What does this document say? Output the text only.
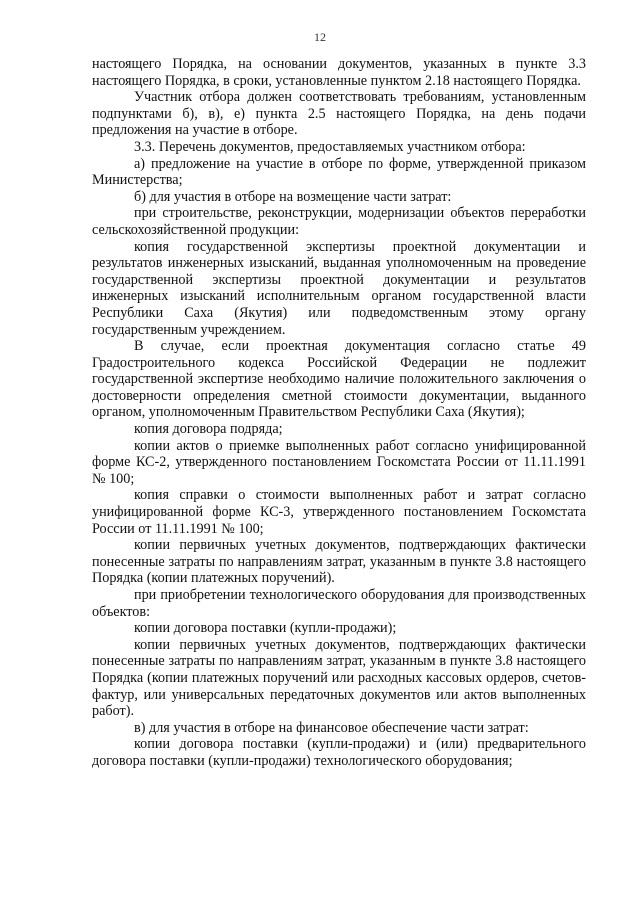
12

настоящего Порядка, на основании документов, указанных в пункте 3.3 настоящего Порядка, в сроки, установленные пунктом 2.18 настоящего Порядка.

Участник отбора должен соответствовать требованиям, установленным подпунктами б), в), е) пункта 2.5 настоящего Порядка, на день подачи предложения на участие в отборе.

3.3. Перечень документов, предоставляемых участником отбора:

а) предложение на участие в отборе по форме, утвержденной приказом Министерства;

б) для участия в отборе на возмещение части затрат:

при строительстве, реконструкции, модернизации объектов переработки сельскохозяйственной продукции:

копия государственной экспертизы проектной документации и результатов инженерных изысканий, выданная уполномоченным на проведение государственной экспертизы проектной документации и результатов инженерных изысканий исполнительным органом государственной власти Республики Саха (Якутия) или подведомственным этому органу государственным учреждением.

В случае, если проектная документация согласно статье 49 Градостроительного кодекса Российской Федерации не подлежит государственной экспертизе необходимо наличие положительного заключения о достоверности определения сметной стоимости документации, выданного органом, уполномоченным Правительством Республики Саха (Якутия);

копия договора подряда;

копии актов о приемке выполненных работ согласно унифицированной форме КС-2, утвержденного постановлением Госкомстата России от 11.11.1991 № 100;

копия справки о стоимости выполненных работ и затрат согласно унифицированной форме КС-3, утвержденного постановлением Госкомстата России от 11.11.1991 № 100;

копии первичных учетных документов, подтверждающих фактически понесенные затраты по направлениям затрат, указанным в пункте 3.8 настоящего Порядка (копии платежных поручений).

при приобретении технологического оборудования для производственных объектов:

копии договора поставки (купли-продажи);

копии первичных учетных документов, подтверждающих фактически понесенные затраты по направлениям затрат, указанным в пункте 3.8 настоящего Порядка (копии платежных поручений или расходных кассовых ордеров, счетов-фактур, или универсальных передаточных документов или актов выполненных работ).

в) для участия в отборе на финансовое обеспечение части затрат:

копии договора поставки (купли-продажи) и (или) предварительного договора поставки (купли-продажи) технологического оборудования;
